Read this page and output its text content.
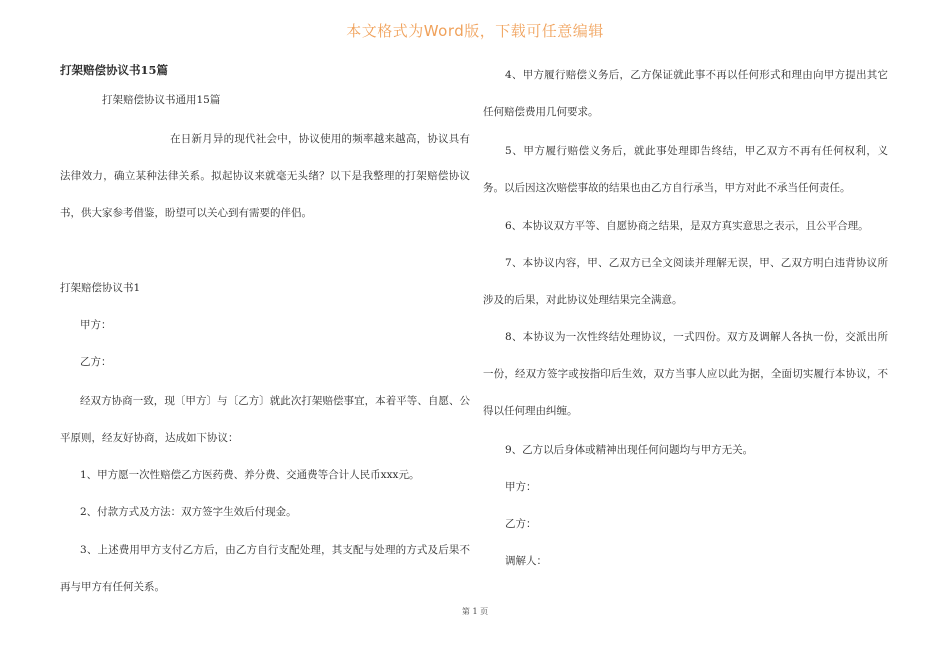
本文格式为Word版，下载可任意编辑

打架赔偿协议书15篇

打架赔偿协议书通用15篇

在日新月异的现代社会中，协议使用的频率越来越高，协议具有法律效力，确立某种法律关系。拟起协议来就毫无头绪？以下是我整理的打架赔偿协议书，供大家参考借鉴，盼望可以关心到有需要的伴侣。

打架赔偿协议书1

甲方：

乙方：

经双方协商一致，现〔甲方〕与〔乙方〕就此次打架赔偿事宜，本着平等、自愿、公平原则，经友好协商，达成如下协议：

1、甲方愿一次性赔偿乙方医药费、养分费、交通费等合计人民币xxx元。

2、付款方式及方法：双方签字生效后付现金。

3、上述费用甲方支付乙方后，由乙方自行支配处理，其支配与处理的方式及后果不再与甲方有任何关系。

4、甲方履行赔偿义务后，乙方保证就此事不再以任何形式和理由向甲方提出其它任何赔偿费用几何要求。

5、甲方履行赔偿义务后，就此事处理即告终结，甲乙双方不再有任何权利，义务。以后因这次赔偿事故的结果也由乙方自行承当，甲方对此不承当任何责任。

6、本协议双方平等、自愿协商之结果，是双方真实意思之表示，且公平合理。

7、本协议内容，甲、乙双方已全文阅读并理解无误，甲、乙双方明白违背协议所涉及的后果，对此协议处理结果完全满意。

8、本协议为一次性终结处理协议，一式四份。双方及调解人各执一份，交派出所一份，经双方签字或按指印后生效，双方当事人应以此为据，全面切实履行本协议，不得以任何理由纠缠。

9、乙方以后身体或精神出现任何问题均与甲方无关。

甲方：

乙方：

调解人：

第 1 页
